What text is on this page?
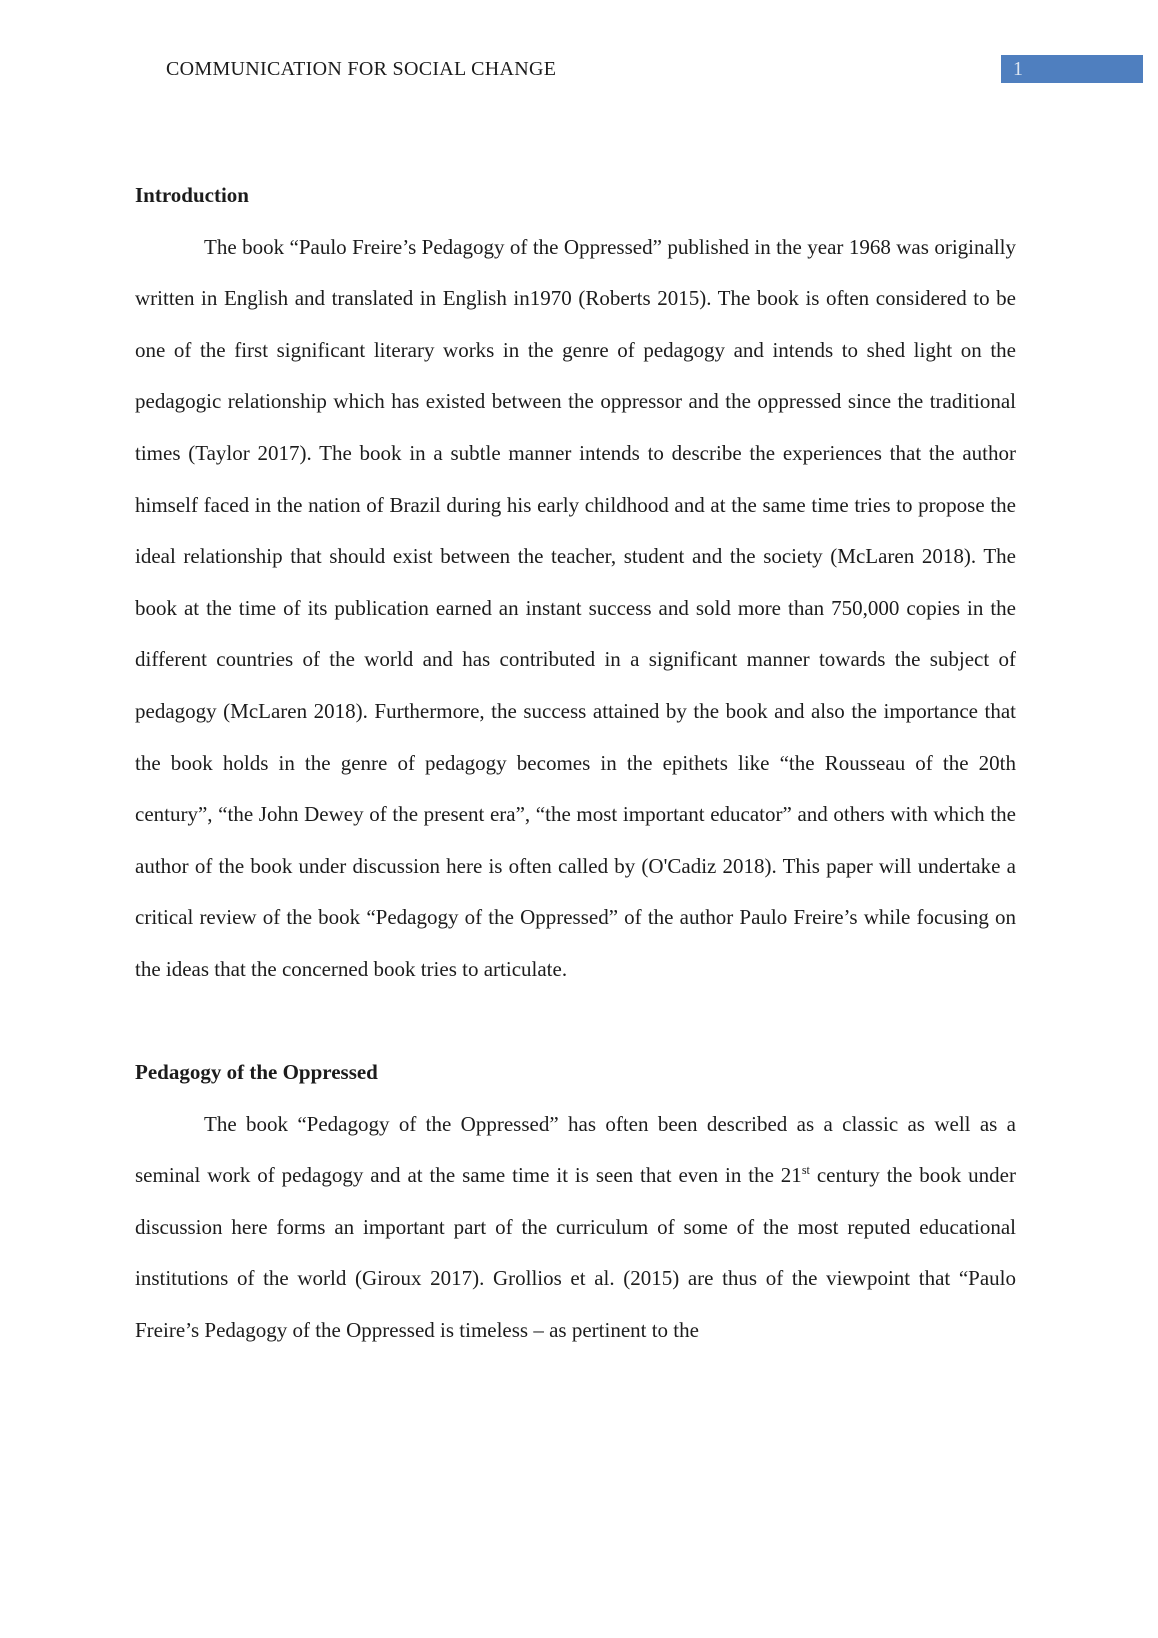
COMMUNICATION FOR SOCIAL CHANGE	1
Introduction

The book “Paulo Freire’s Pedagogy of the Oppressed” published in the year 1968 was originally written in English and translated in English in1970 (Roberts 2015). The book is often considered to be one of the first significant literary works in the genre of pedagogy and intends to shed light on the pedagogic relationship which has existed between the oppressor and the oppressed since the traditional times (Taylor 2017). The book in a subtle manner intends to describe the experiences that the author himself faced in the nation of Brazil during his early childhood and at the same time tries to propose the ideal relationship that should exist between the teacher, student and the society (McLaren 2018). The book at the time of its publication earned an instant success and sold more than 750,000 copies in the different countries of the world and has contributed in a significant manner towards the subject of pedagogy (McLaren 2018). Furthermore, the success attained by the book and also the importance that the book holds in the genre of pedagogy becomes in the epithets like “the Rousseau of the 20th century”, “the John Dewey of the present era”, “the most important educator” and others with which the author of the book under discussion here is often called by (O'Cadiz 2018). This paper will undertake a critical review of the book “Pedagogy of the Oppressed” of the author Paulo Freire’s while focusing on the ideas that the concerned book tries to articulate.

Pedagogy of the Oppressed

The book “Pedagogy of the Oppressed” has often been described as a classic as well as a seminal work of pedagogy and at the same time it is seen that even in the 21st century the book under discussion here forms an important part of the curriculum of some of the most reputed educational institutions of the world (Giroux 2017). Grollios et al. (2015) are thus of the viewpoint that “Paulo Freire’s Pedagogy of the Oppressed is timeless – as pertinent to the
